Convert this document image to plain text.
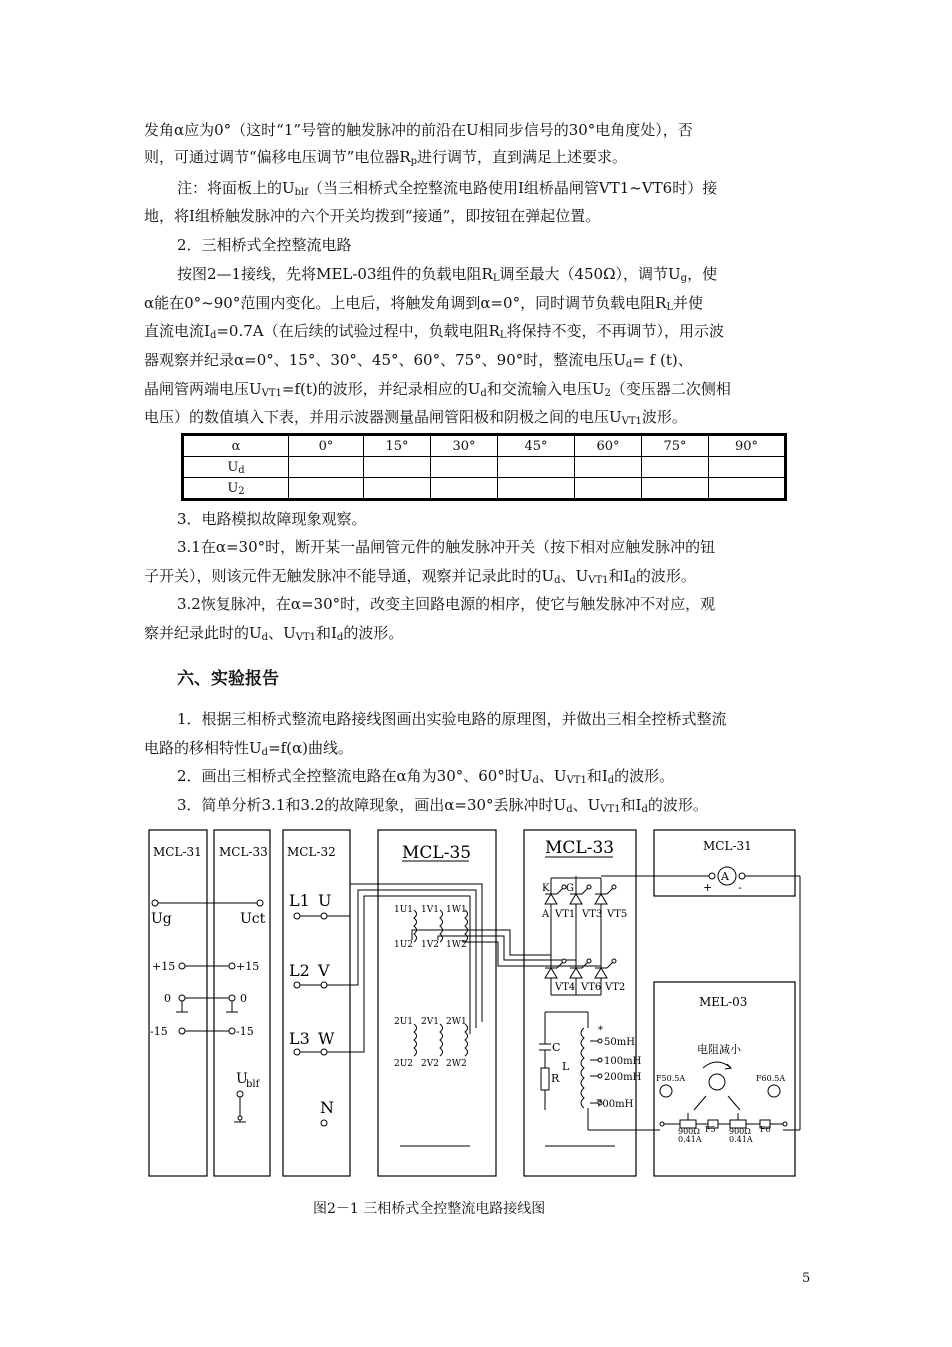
发角α应为0°（这时“1”号管的触发脉冲的前沿在U相同步信号的30°电角度处），否
则，可通过调节“偏移电压调节”电位器$R_p$进行调节，直到满足上述要求。
注：将面板上的$U_{blf}$（当三相桥式全控整流电路使用Ⅰ组桥晶闸管VT1~VT6时）接
地，将Ⅰ组桥触发脉冲的六个开关均拨到“接通”，即按钮在弹起位置。
2．三相桥式全控整流电路
按图2—1接线，先将MEL-03组件的负载电阻$R_L$调至最大（450Ω），调节$U_g$，使
α能在0°~90°范围内变化。上电后，将触发角调到α=0°，同时调节负载电阻$R_L$并使
直流电流$I_d=0.7A$（在后续的试验过程中，负载电阻$R_L$将保持不变，不再调节），用示波
器观察并纪录α=0°、15°、30°、45°、60°、75°、90°时，整流电压$U_d= f$ (t)、
晶闸管两端电压$U_{VT1}=f(t)$的波形，并纪录相应的$U_d$和交流输入电压$U_2$（变压器二次侧相
电压）的数值填入下表，并用示波器测量晶闸管阳极和阴极之间的电压$U_{VT1}$波形。
α	0°	15°	30°	45°	60°	75°	90°
$U_d$							
$U_2$							
3．电路模拟故障现象观察。
3.1在α=30°时，断开某一晶闸管元件的触发脉冲开关（按下相对应触发脉冲的钮
子开关），则该元件无触发脉冲不能导通，观察并记录此时的$U_d$、$U_{VT1}$和$I_d$的波形。
3.2恢复脉冲，在α=30°时，改变主回路电源的相序，使它与触发脉冲不对应，观
察并纪录此时的$U_d$、$U_{VT1}$和$I_d$的波形。
六、实验报告
1．根据三相桥式整流电路接线图画出实验电路的原理图，并做出三相全控桥式整流
电路的移相特性$U_d=f(\alpha)$曲线。
2．画出三相桥式全控整流电路在α角为30°、60°时$U_d$、$U_{VT1}$和$I_d$的波形。
3．简单分析3.1和3.2的故障现象，画出α=30°丢脉冲时$U_d$、$U_{VT1}$和$I_d$的波形。
MCL-31 MCL-33 MCL-32	MCL-35	MCL-33	MCL-31
MEL-03
Ug	Uct
+15	+15
0	0
-15	-15
U
blf
L1 U
L2 V
L3 W
N
1U1 1V1 1W1
1U2 1V2 1W2
2U1 2V1 2W1
2U2 2V2 2W2
K G
A VT1 VT3 VT5
VT4 VT6 VT2
C
R
L
*
50mH
100mH
200mH
700mH
A
+ -
电阻减小
F50.5A	F60.5A
F5	F6
900Ω
0.41A
900Ω
0.41A
图2－1 三相桥式全控整流电路接线图
5
